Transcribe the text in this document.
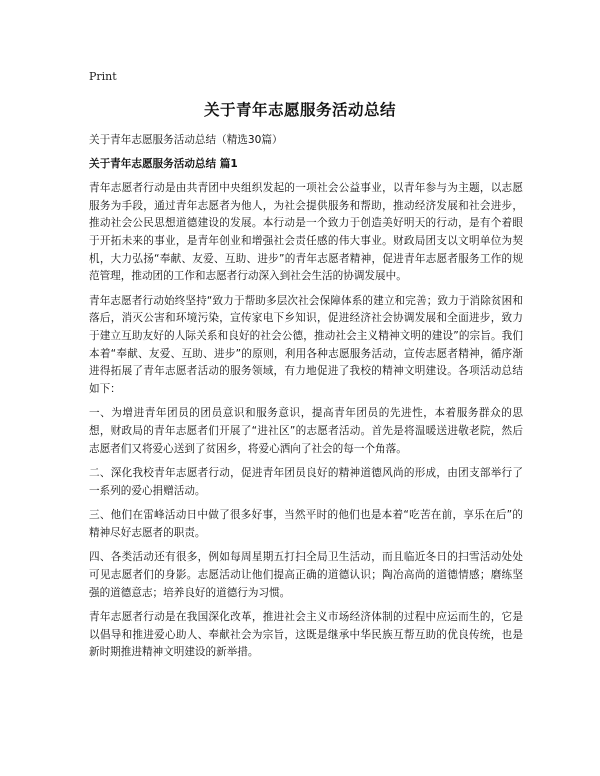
Print
关于青年志愿服务活动总结

关于青年志愿服务活动总结（精选30篇）

关于青年志愿服务活动总结 篇1

青年志愿者行动是由共青团中央组织发起的一项社会公益事业，以青年参与为主题，以志愿服务为手段，通过青年志愿者为他人，为社会提供服务和帮助，推动经济发展和社会进步，推动社会公民思想道德建设的发展。本行动是一个致力于创造美好明天的行动，是有个着眼于开拓未来的事业，是青年创业和增强社会责任感的伟大事业。财政局团支以文明单位为契机，大力弘扬“奉献、友爱、互助、进步”的青年志愿者精神，促进青年志愿者服务工作的规范管理，推动团的工作和志愿者行动深入到社会生活的协调发展中。

青年志愿者行动始终坚持“致力于帮助多层次社会保障体系的建立和完善；致力于消除贫困和落后，消灭公害和环境污染，宣传家电下乡知识，促进经济社会协调发展和全面进步，致力于建立互助友好的人际关系和良好的社会公德，推动社会主义精神文明的建设”的宗旨。我们本着“奉献、友爱、互助、进步”的原则，利用各种志愿服务活动，宣传志愿者精神，循序渐进得拓展了青年志愿者活动的服务领域，有力地促进了我校的精神文明建设。各项活动总结如下：

一、为增进青年团员的团员意识和服务意识，提高青年团员的先进性，本着服务群众的思想，财政局的青年志愿者们开展了“进社区”的志愿者活动。首先是将温暖送进敬老院，然后志愿者们又将爱心送到了贫困乡，将爱心洒向了社会的每一个角落。

二、深化我校青年志愿者行动，促进青年团员良好的精神道德风尚的形成，由团支部举行了一系列的爱心捐赠活动。

三、他们在雷峰活动日中做了很多好事，当然平时的他们也是本着“吃苦在前，享乐在后”的精神尽好志愿者的职责。

四、各类活动还有很多，例如每周星期五打扫全局卫生活动，而且临近冬日的扫雪活动处处可见志愿者们的身影。志愿活动让他们提高正确的道德认识；陶冶高尚的道德情感；磨练坚强的道德意志；培养良好的道德行为习惯。

青年志愿者行动是在我国深化改革，推进社会主义市场经济体制的过程中应运而生的，它是以倡导和推进爱心助人、奉献社会为宗旨，这既是继承中华民族互帮互助的优良传统，也是新时期推进精神文明建设的新举措。
